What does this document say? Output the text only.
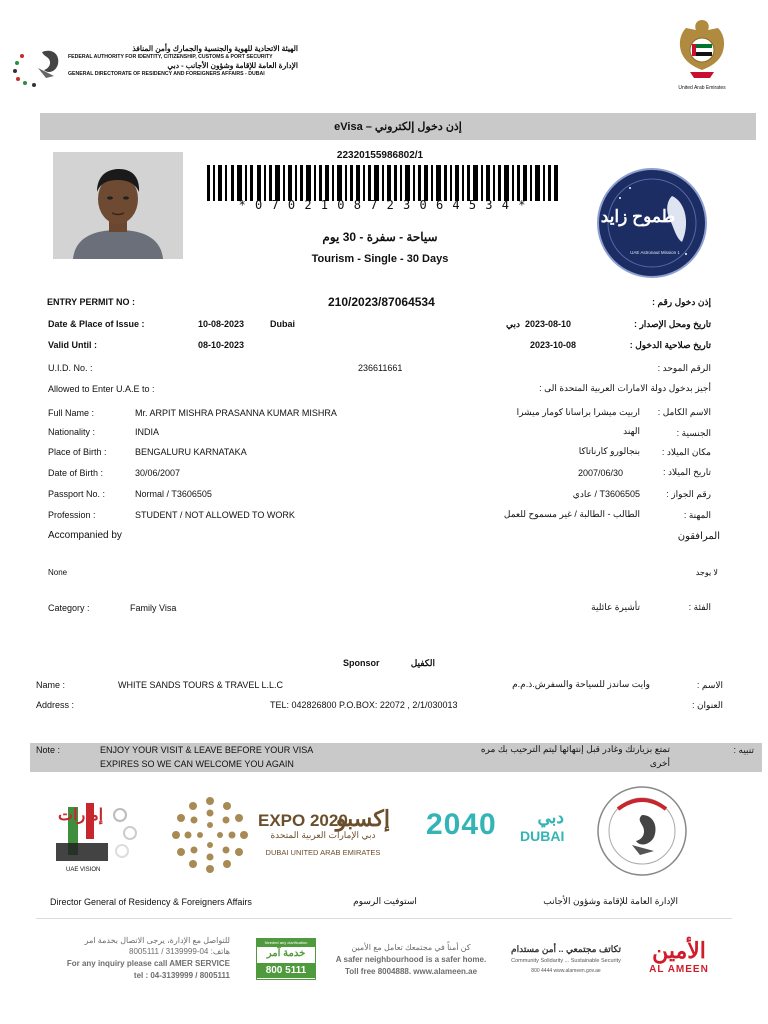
الهيئة الاتحادية للهوية والجنسية والجمارك وأمن المنافذ
FEDERAL AUTHORITY FOR IDENTITY, CITIZENSHIP, CUSTOMS & PORT SECURITY
الإدارة العامة للإقامة وشؤون الأجانب - دبي
GENERAL DIRECTORATE OF RESIDENCY AND FOREIGNERS AFFAIRS - DUBAI
United Arab Emirates
eVisa – إذن دخول إلكتروني
22320155986802/1
* 0 7 0 2 1 0 8 7 2 3 0 6 4 5 3 4 *
سياحة - سفرة - 30 يوم
Tourism - Single - 30 Days
طموح زايد
UAE Astronaut Mission 1
ENTRY PERMIT NO :	210/2023/87064534	إذن دخول رقم :
Date & Place of Issue :	10-08-2023	Dubai	دبي 2023-08-10	تاريخ ومحل الإصدار :
Valid Until :	08-10-2023	2023-10-08	تاريخ صلاحية الدخول :
U.I.D. No. :	236611661	الرقم الموحد :
Allowed to Enter U.A.E to :	أجيز بدخول دولة الامارات العربية المتحدة الى :
Full Name :	Mr. ARPIT MISHRA PRASANNA KUMAR MISHRA	اربيت ميشرا براسانا كومار ميشرا	الاسم الكامل :
Nationality :	INDIA	الهند	الجنسية :
Place of Birth :	BENGALURU KARNATAKA	بنجالورو كارناتاكا	مكان الميلاد :
Date of Birth :	30/06/2007	2007/06/30	تاريخ الميلاد :
Passport No. :	Normal / T3606505	T3606505 / عادي	رقم الجواز :
Profession :	STUDENT / NOT ALLOWED TO WORK	الطالب - الطالبة / غير مسموح للعمل	المهنة :
Accompanied by	المرافقون
None	لا يوجد
Category :	Family Visa	تأشيرة عائلية	الفئة :
Sponsor	الكفيل
Name :	WHITE SANDS TOURS & TRAVEL L.L.C	وايت ساندز للسياحة والسفرش.ذ.م.م	الاسم :
Address :	TEL: 042826800 P.O.BOX: 22072 , 2/1/030013	العنوان :
Note :	ENJOY YOUR VISIT & LEAVE BEFORE YOUR VISA
EXPIRES SO WE CAN WELCOME YOU AGAIN
تمتع بزيارتك وغادر قبل إنتهائها ليتم الترحيب بك مره
أخرى
تنبيه :
إمارات
UAE VISION
EXPO 2020
إكسبو
دبي الإمارات العربية المتحدة
DUBAI UNITED ARAB EMIRATES
2040	دبي
DUBAI
Director General of Residency & Foreigners Affairs	استوفيت الرسوم	الإدارة العامة للإقامة وشؤون الأجانب
للتواصل مع الإدارة، يرجى الاتصال بخدمة امر
هاتف: 04-3139999 / 8005111
For any inquiry please call AMER SERVICE
tel : 04-3139999 / 8005111
Needed any clarification
خدمة آمر
800 5111
كن أمناً في مجتمعك تعامل مع الأمين
A safer neighbourhood is a safer home.
Toll free 8004888. www.alameen.ae
تكاتف مجتمعي .. أمن مستدام
Community Solidarity ... Sustainable Security
800 4444 www.alameen.gov.ae
الأمين
AL AMEEN
